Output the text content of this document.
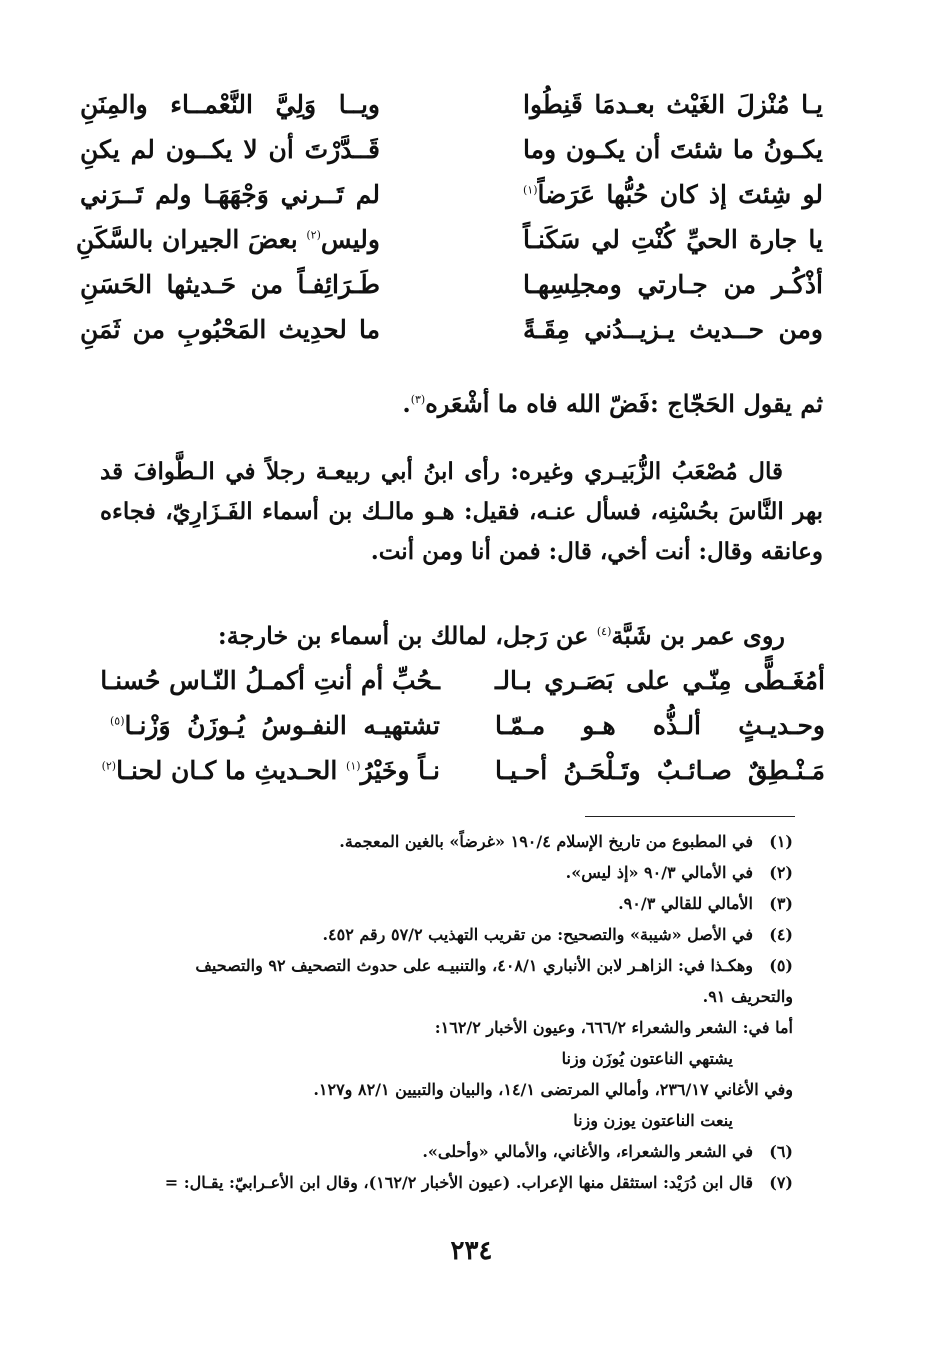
يـا مُنْزلَ الغَيْث بعـدمَا قَنِطُوا
ويــا وَلِيَّ النَّعْمــاء والمِنَنِ
يكـونُ ما شئتَ أن يكـون وما
قَــدَّرْتَ أن لا يكــون لم يكنِ
لو شِئتَ إذ كان حُبُّها عَرَضاً$^{(١)}$
لم تَــرني وَجْهَهَـا ولم تَــرَني
يا جارة الحيِّ كُنْتِ لي سَكَنـاً
وليس$^{(٢)}$ بعضَ الجيران بالسَّكَنِ
أذْكُـر من جـارتي ومجلِسِهـا
طَـرَائِفـاً من حَـديثها الحَسَنِ
ومن حــديث يـزيــدُني مِقَـةً
ما لحدِيث المَحْبُوبِ من ثَمَنِ
ثم يقول الحَجّاج :فَضّ الله فاه ما أشْعَره$^{(٣)}$.
قال مُصْعَبُ الزُّبَيـري وغيره: رأى ابنُ أبي ربيعـة رجلاً في الـطَّوافَ قد
بهر النَّاسَ بحُسْنِه، فسأل عنـه، فقيل: هـو مالـك بن أسماء الفَـزَارِيّ، فجاءه
وعانقه وقال: أنت أخي، قال: فمن أنا ومن أنت.
روى عمر بن شَبَّة$^{(٤)}$ عن رَجل، لمالك بن أسماء بن خارجة:
أمُغَـطًّى مِنّـي على بَصَـري بـالـ
ـحُبِّ أم أنتِ أكمـلُ النّـاس حُسنـا
وحـديـثٍ ألـذُّه هـو مـمّـا
تشتهيـه النفـوسُ يُـوزَنُ وَزْنـا$^{(٥)}$
مَـنْـطِقٌ صـائـبٌ وتَـلْحَـنُ أحـيـا
نـاً وخَيْرُ$^{(١)}$ الحـديثِ ما كـان لحنـا$^{(٢)}$
(١)في المطبوع من تاريخ الإسلام ١٩٠/٤ «غرضاً» بالغين المعجمة.
(٢)في الأمالي ٩٠/٣ «إذ ليس».
(٣)الأمالي للقالي ٩٠/٣.
(٤)في الأصل «شيبة» والتصحيح: من تقريب التهذيب ٥٧/٢ رقم ٤٥٢.
(٥)وهكـذا في: الزاهـر لابن الأنباري ٤٠٨/١، والتنبيـه على حدوث التصحيف ٩٢ والتصحيف
والتحريف ٩١.
أما في: الشعر والشعراء ٦٦٦/٢، وعيون الأخبار ١٦٢/٢:
يشتهي الناعتون يُوزَن وزنا
وفي الأغاني ٢٣٦/١٧، وأمالي المرتضى ١٤/١، والبيان والتبيين ٨٢/١ و١٢٧.
ينعت الناعتون يوزن وزنا
(٦)في الشعر والشعراء، والأغاني، والأمالي «وأحلى».
(٧)قال ابن دُرَيْد: استثقل منها الإعراب. (عيون الأخبار ١٦٢/٢)، وقال ابن الأعـرابيّ: يقـال: =
٢٣٤
